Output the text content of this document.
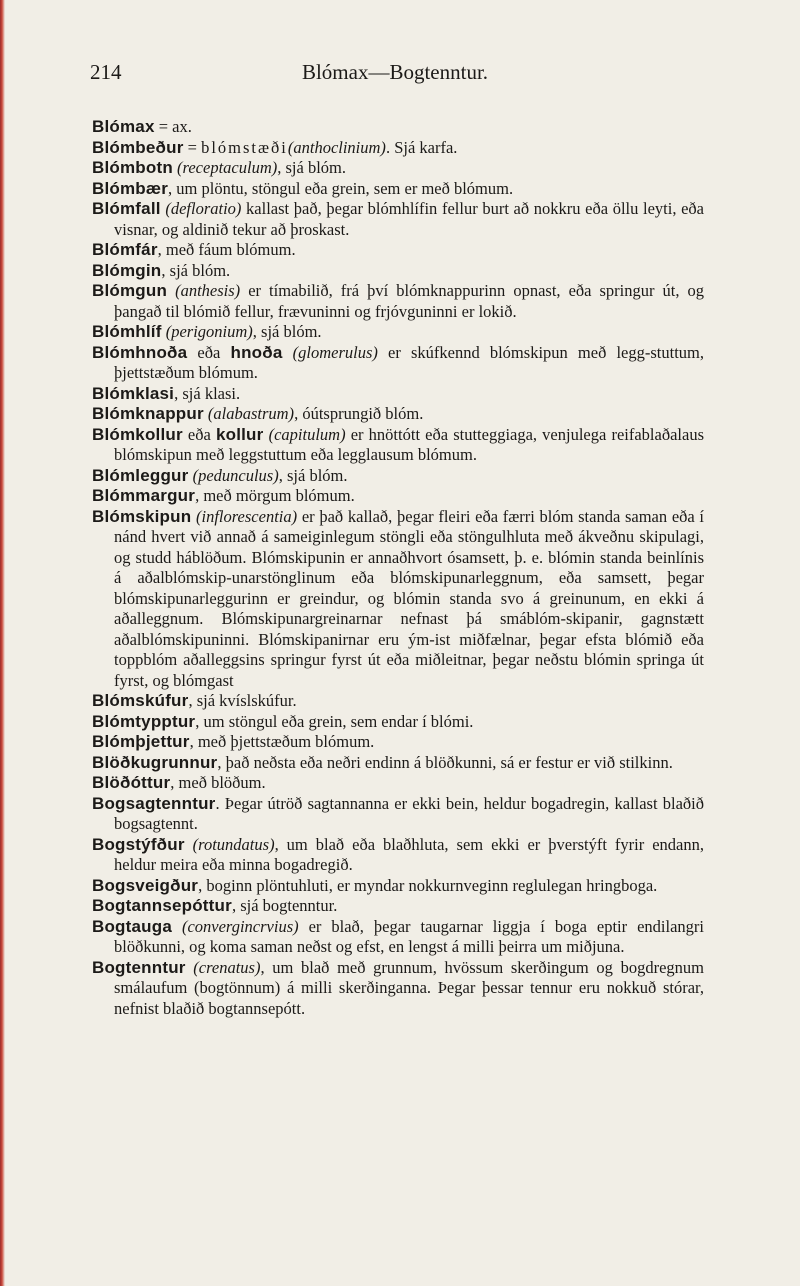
214	Blómax—Bogtenntur.

Blómax = ax.

Blómbeður = blómstæði(anthoclinium). Sjá karfa.

Blómbotn (receptaculum), sjá blóm.

Blómbær, um plöntu, stöngul eða grein, sem er með blómum.

Blómfall (defloratio) kallast það, þegar blómhlífin fellur burt að nokkru eða öllu leyti, eða visnar, og aldinið tekur að þroskast.

Blómfár, með fáum blómum.

Blómgin, sjá blóm.

Blómgun (anthesis) er tímabilið, frá því blómknappurinn opnast, eða springur út, og þangað til blómið fellur, frævuninni og frjóvguninni er lokið.

Blómhlíf (perigonium), sjá blóm.

Blómhnoða eða hnoða (glomerulus) er skúfkennd blómskipun með legg-stuttum, þjettstæðum blómum.

Blómklasi, sjá klasi.

Blómknappur (alabastrum), óútsprungið blóm.

Blómkollur eða kollur (capitulum) er hnöttótt eða stutteggiaga, venjulega reifablaðalaus blómskipun með leggstuttum eða legglausum blómum.

Blómleggur (pedunculus), sjá blóm.

Blómmargur, með mörgum blómum.

Blómskipun (inflorescentia) er það kallað, þegar fleiri eða færri blóm standa saman eða í nánd hvert við annað á sameiginlegum stöngli eða stöngulhluta með ákveðnu skipulagi, og studd háblöðum. Blómskipunin er annaðhvort ósamsett, þ. e. blómin standa beinlínis á aðalblómskip-unarstönglinum eða blómskipunarleggnum, eða samsett, þegar blómskipunarleggurinn er greindur, og blómin standa svo á greinunum, en ekki á aðalleggnum. Blómskipunargreinarnar nefnast þá smáblóm-skipanir, gagnstætt aðalblómskipuninni. Blómskipanirnar eru ým-ist miðfælnar, þegar efsta blómið eða toppblóm aðalleggsins springur fyrst út eða miðleitnar, þegar neðstu blómin springa út fyrst, og blómgast

Blómskúfur, sjá kvíslskúfur.

Blómtypptur, um stöngul eða grein, sem endar í blómi.

Blómþjettur, með þjettstæðum blómum.

Blöðkugrunnur, það neðsta eða neðri endinn á blöðkunni, sá er festur er við stilkinn.

Blöðóttur, með blöðum.

Bogsagtenntur. Þegar útröð sagtannanna er ekki bein, heldur bogadregin, kallast blaðið bogsagtennt.

Bogstýfður (rotundatus), um blað eða blaðhluta, sem ekki er þverstýft fyrir endann, heldur meira eða minna bogadregið.

Bogsveigður, boginn plöntuhluti, er myndar nokkurnveginn reglulegan hringboga.

Bogtannsepóttur, sjá bogtenntur.

Bogtauga (convergincrvius) er blað, þegar taugarnar liggja í boga eptir endilangri blöðkunni, og koma saman neðst og efst, en lengst á milli þeirra um miðjuna.

Bogtenntur (crenatus), um blað með grunnum, hvössum skerðingum og bogdregnum smálaufum (bogtönnum) á milli skerðinganna. Þegar þessar tennur eru nokkuð stórar, nefnist blaðið bogtannsepótt.
